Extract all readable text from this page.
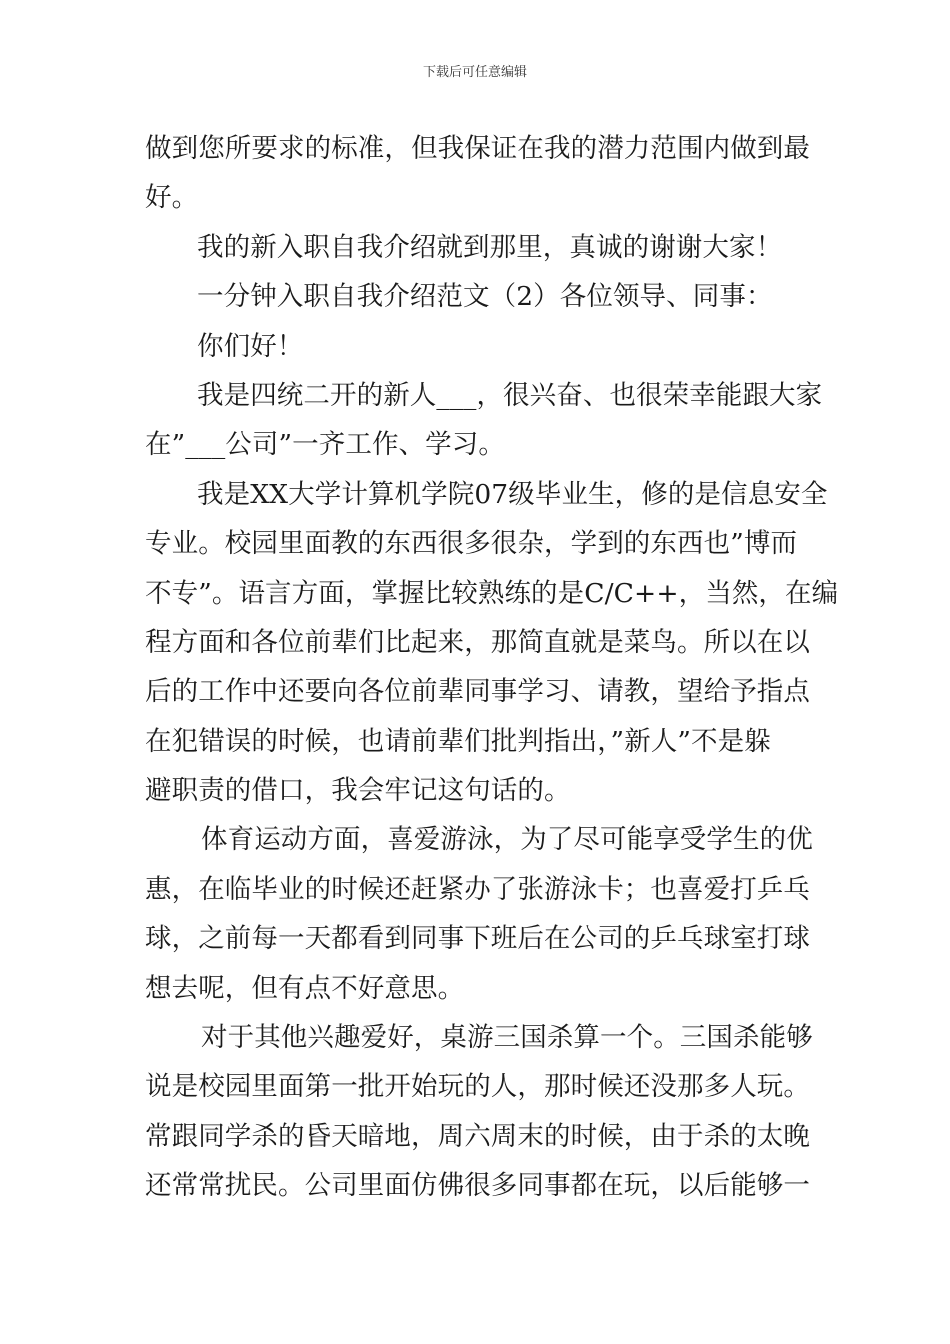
下载后可任意编辑
做到您所要求的标准，但我保证在我的潜力范围内做到最
好。
我的新入职自我介绍就到那里，真诚的谢谢大家！
一分钟入职自我介绍范文（2）各位领导、同事：
你们好！
我是四统二开的新人___，很兴奋、也很荣幸能跟大家
在”___公司”一齐工作、学习。
我是XX大学计算机学院07级毕业生，修的是信息安全
专业。校园里面教的东西很多很杂，学到的东西也”博而
不专”。语言方面，掌握比较熟练的是C/C++，当然，在编
程方面和各位前辈们比起来，那简直就是菜鸟。所以在以
后的工作中还要向各位前辈同事学习、请教，望给予指点
在犯错误的时候，也请前辈们批判指出，”新人”不是躲
避职责的借口，我会牢记这句话的。
体育运动方面，喜爱游泳，为了尽可能享受学生的优
惠，在临毕业的时候还赶紧办了张游泳卡；也喜爱打乒乓
球，之前每一天都看到同事下班后在公司的乒乓球室打球
想去呢，但有点不好意思。
对于其他兴趣爱好，桌游三国杀算一个。三国杀能够
说是校园里面第一批开始玩的人，那时候还没那多人玩。
常跟同学杀的昏天暗地，周六周末的时候，由于杀的太晚
还常常扰民。公司里面仿佛很多同事都在玩，以后能够一
